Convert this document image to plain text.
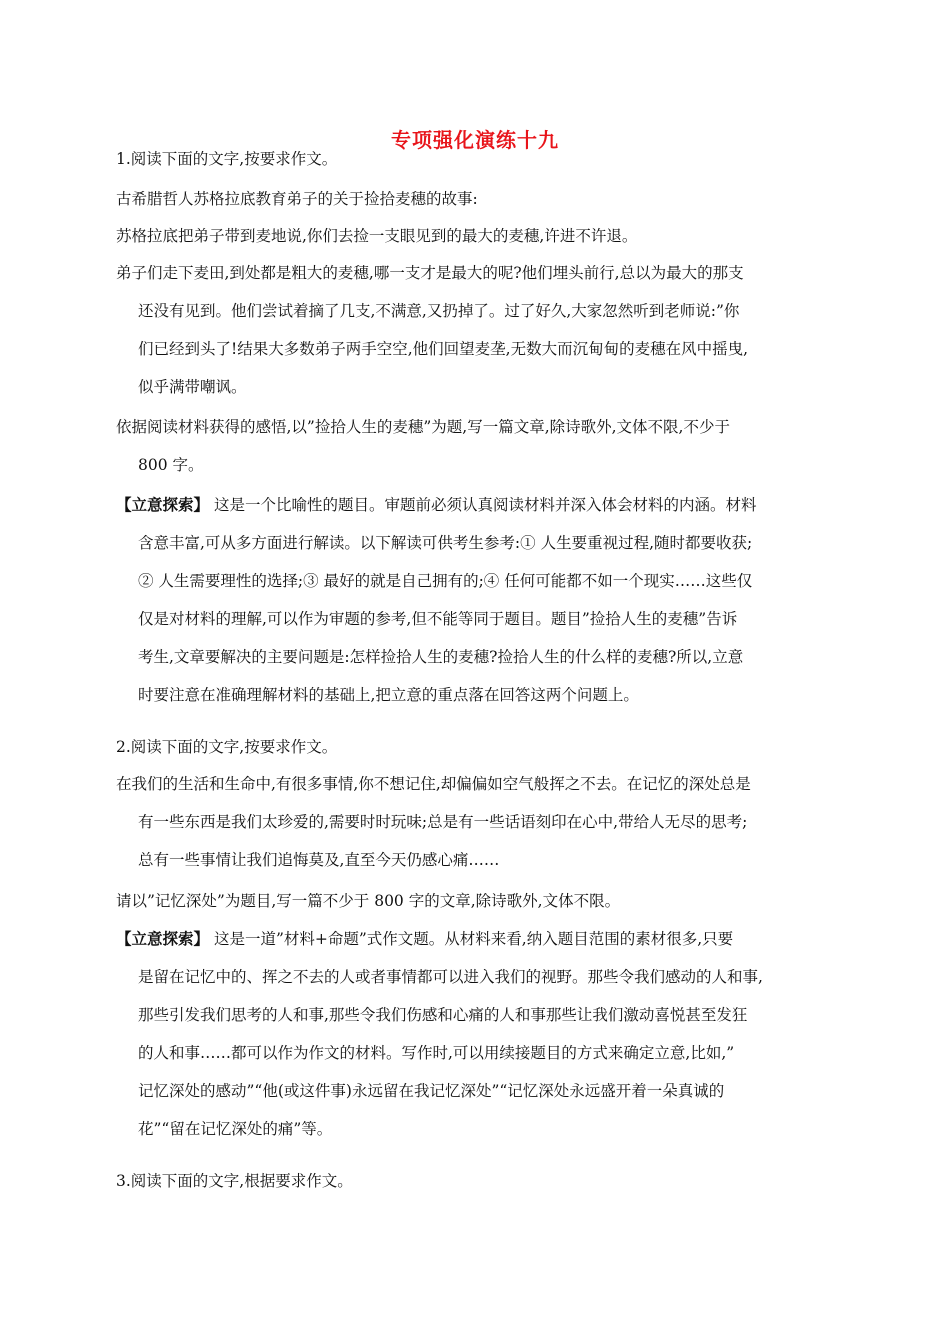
专项强化演练十九
1.阅读下面的文字,按要求作文。
古希腊哲人苏格拉底教育弟子的关于捡拾麦穗的故事:
苏格拉底把弟子带到麦地说,你们去捡一支眼见到的最大的麦穗,许进不许退。
弟子们走下麦田,到处都是粗大的麦穗,哪一支才是最大的呢?他们埋头前行,总以为最大的那支
还没有见到。他们尝试着摘了几支,不满意,又扔掉了。过了好久,大家忽然听到老师说:”你
们已经到头了!结果大多数弟子两手空空,他们回望麦垄,无数大而沉甸甸的麦穗在风中摇曳,
似乎满带嘲讽。
依据阅读材料获得的感悟,以”捡拾人生的麦穗”为题,写一篇文章,除诗歌外,文体不限,不少于
800 字。
【立意探索】 这是一个比喻性的题目。审题前必须认真阅读材料并深入体会材料的内涵。材料
含意丰富,可从多方面进行解读。以下解读可供考生参考:① 人生要重视过程,随时都要收获;
② 人生需要理性的选择;③ 最好的就是自己拥有的;④ 任何可能都不如一个现实……这些仅
仅是对材料的理解,可以作为审题的参考,但不能等同于题目。题目”捡拾人生的麦穗”告诉
考生,文章要解决的主要问题是:怎样捡拾人生的麦穗?捡拾人生的什么样的麦穗?所以,立意
时要注意在准确理解材料的基础上,把立意的重点落在回答这两个问题上。
2.阅读下面的文字,按要求作文。
在我们的生活和生命中,有很多事情,你不想记住,却偏偏如空气般挥之不去。在记忆的深处总是
有一些东西是我们太珍爱的,需要时时玩味;总是有一些话语刻印在心中,带给人无尽的思考;
总有一些事情让我们追悔莫及,直至今天仍感心痛……
请以”记忆深处”为题目,写一篇不少于 800 字的文章,除诗歌外,文体不限。
【立意探索】 这是一道”材料+命题”式作文题。从材料来看,纳入题目范围的素材很多,只要
是留在记忆中的、挥之不去的人或者事情都可以进入我们的视野。那些令我们感动的人和事,
那些引发我们思考的人和事,那些令我们伤感和心痛的人和事那些让我们激动喜悦甚至发狂
的人和事……都可以作为作文的材料。写作时,可以用续接题目的方式来确定立意,比如,”
记忆深处的感动”“他(或这件事)永远留在我记忆深处”“记忆深处永远盛开着一朵真诚的
花”“留在记忆深处的痛”等。
3.阅读下面的文字,根据要求作文。
